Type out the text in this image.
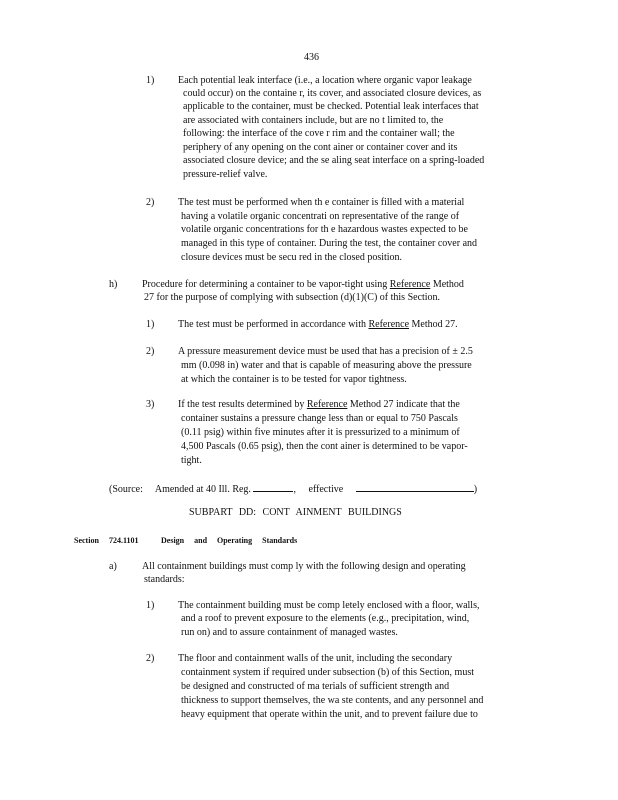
436
1) Each potential leak interface (i.e., a location where organic vapor leakage
could occur) on the containe r, its cover, and associated closure devices, as
applicable to the container, must be checked. Potential leak interfaces that
are associated with containers include, but are no t limited to, the
following: the interface of the cove r rim and the container wall; the
periphery of any opening on the cont ainer or container cover and its
associated closure device; and the se aling seat interface on a spring-loaded
pressure-relief valve.
2) The test must be performed when th e container is filled with a material
having a volatile organic concentrati on representative of the range of
volatile organic concentrations for th e hazardous wastes expected to be
managed in this type of container. During the test, the container cover and
closure devices must be secu red in the closed position.
h) Procedure for determining a container to be vapor-tight using Reference Method
27 for the purpose of complying with subsection (d)(1)(C) of this Section.
1) The test must be performed in accordance with Reference Method 27.
2) A pressure measurement device must be used that has a precision of ± 2.5
mm (0.098 in) water and that is capable of measuring above the pressure
at which the container is to be tested for vapor tightness.
3) If the test results determined by Reference Method 27 indicate that the
container sustains a pressure change less than or equal to 750 Pascals
(0.11 psig) within five minutes after it is pressurized to a minimum of
4,500 Pascals (0.65 psig), then the cont ainer is determined to be vapor-
tight.
(Source: Amended at 40 Ill. Reg.	, effective	)
SUBPART DD: CONT AINMENT BUILDINGS
Section 724.1101	Design and Operating Standards
a)	All containment buildings must comp ly with the following design and operating
standards:
1) The containment building must be comp letely enclosed with a floor, walls,
and a roof to prevent exposure to the elements (e.g., precipitation, wind,
run on) and to assure containment of managed wastes.
2) The floor and containment walls of the unit, including the secondary
containment system if required under subsection (b) of this Section, must
be designed and constructed of ma terials of sufficient strength and
thickness to support themselves, the wa ste contents, and any personnel and
heavy equipment that operate within the unit, and to prevent failure due to
